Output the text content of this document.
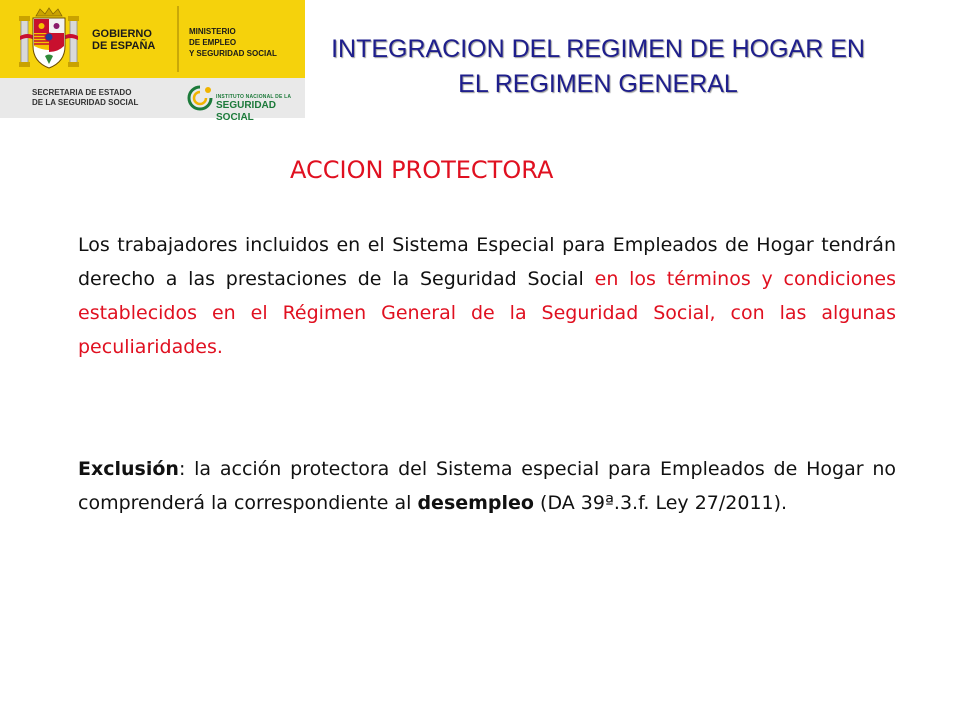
GOBIERNO
DE ESPAÑA
MINISTERIO
DE EMPLEO
Y SEGURIDAD SOCIAL
SECRETARIA DE ESTADO
DE LA SEGURIDAD SOCIAL
INSTITUTO NACIONAL DE LA
SEGURIDAD SOCIAL
INTEGRACION DEL REGIMEN DE HOGAR EN
EL REGIMEN GENERAL
ACCION PROTECTORA

Los trabajadores incluidos en el Sistema Especial para Empleados de Hogar tendrán derecho a las prestaciones de la Seguridad Social en los términos y condiciones establecidos en el Régimen General de la Seguridad Social, con las algunas peculiaridades.

Exclusión: la acción protectora del Sistema especial para Empleados de Hogar no comprenderá la correspondiente al desempleo (DA 39ª.3.f. Ley 27/2011).
